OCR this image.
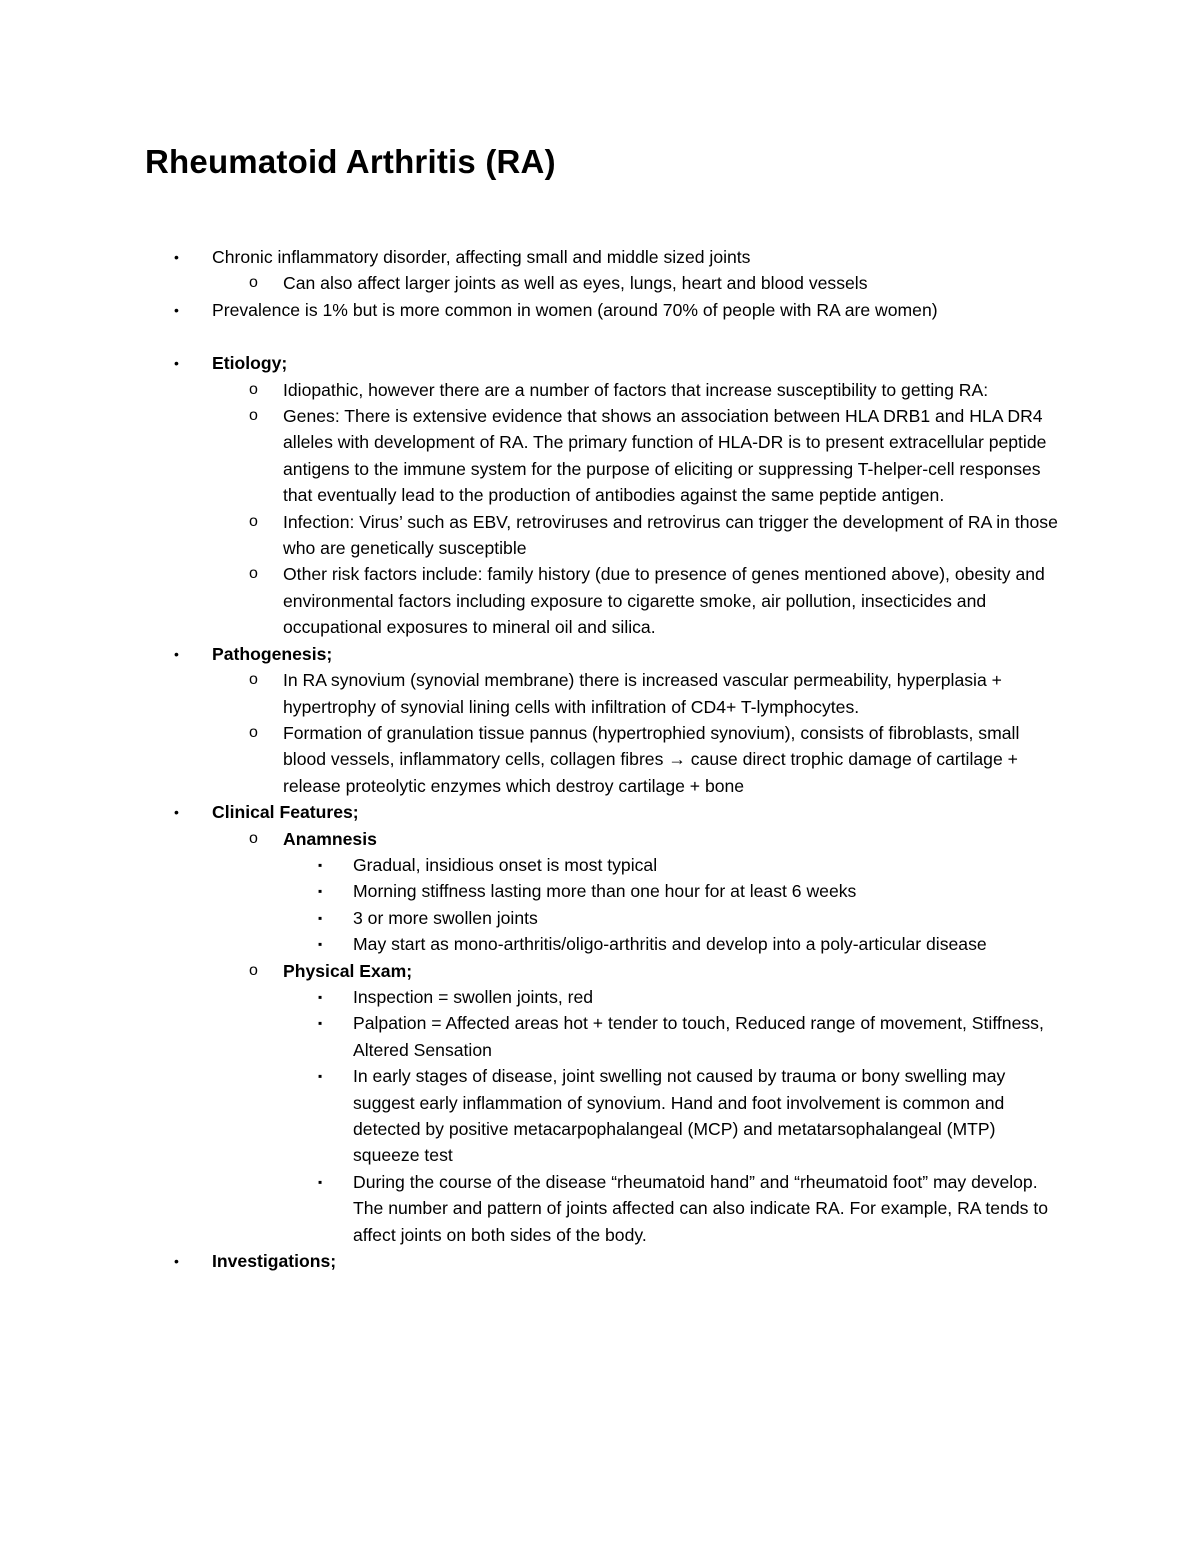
Rheumatoid Arthritis (RA)
• Chronic inflammatory disorder, affecting small and middle sized joints
o Can also affect larger joints as well as eyes, lungs, heart and blood vessels
• Prevalence is 1% but is more common in women (around 70% of people with RA are women)
• Etiology;
o Idiopathic, however there are a number of factors that increase susceptibility to getting RA:
o Genes: There is extensive evidence that shows an association between HLA DRB1 and HLA DR4 alleles with development of RA. The primary function of HLA-DR is to present extracellular peptide antigens to the immune system for the purpose of eliciting or suppressing T-helper-cell responses that eventually lead to the production of antibodies against the same peptide antigen.
o Infection: Virus’ such as EBV, retroviruses and retrovirus can trigger the development of RA in those who are genetically susceptible
o Other risk factors include: family history (due to presence of genes mentioned above), obesity and environmental factors including exposure to cigarette smoke, air pollution, insecticides and occupational exposures to mineral oil and silica.
• Pathogenesis;
o In RA synovium (synovial membrane) there is increased vascular permeability, hyperplasia + hypertrophy of synovial lining cells with infiltration of CD4+ T-lymphocytes.
o Formation of granulation tissue pannus (hypertrophied synovium), consists of fibroblasts, small blood vessels, inflammatory cells, collagen fibres → cause direct trophic damage of cartilage + release proteolytic enzymes which destroy cartilage + bone
• Clinical Features;
o Anamnesis
▪ Gradual, insidious onset is most typical
▪ Morning stiffness lasting more than one hour for at least 6 weeks
▪ 3 or more swollen joints
▪ May start as mono-arthritis/oligo-arthritis and develop into a poly-articular disease
o Physical Exam;
▪ Inspection = swollen joints, red
▪ Palpation = Affected areas hot + tender to touch, Reduced range of movement, Stiffness, Altered Sensation
▪ In early stages of disease, joint swelling not caused by trauma or bony swelling may suggest early inflammation of synovium. Hand and foot involvement is common and detected by positive metacarpophalangeal (MCP) and metatarsophalangeal (MTP) squeeze test
▪ During the course of the disease “rheumatoid hand” and “rheumatoid foot” may develop. The number and pattern of joints affected can also indicate RA. For example, RA tends to affect joints on both sides of the body.
• Investigations;
